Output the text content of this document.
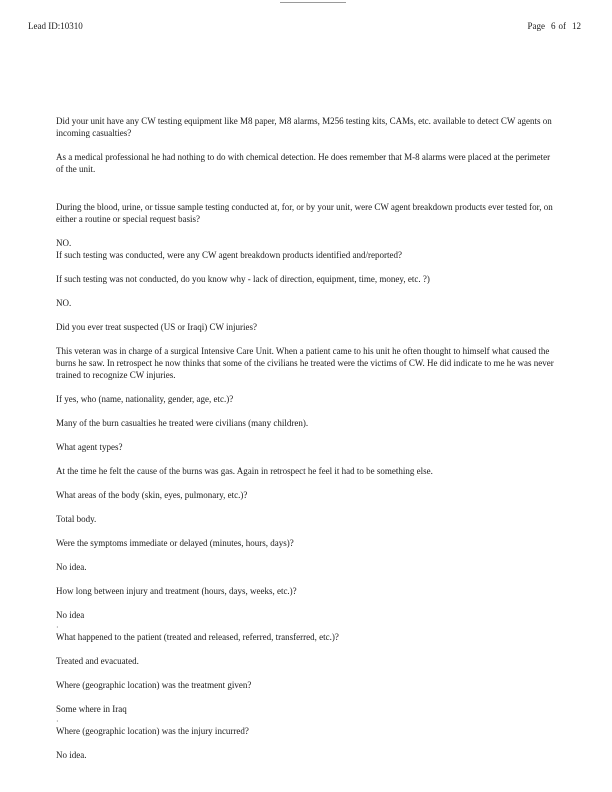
Lead ID:10310	Page 6 of 12

Did your unit have any CW testing equipment like M8 paper, M8 alarms, M256 testing kits, CAMs, etc. available to detect CW agents on incoming casualties?

As a medical professional he had nothing to do with chemical detection. He does remember that M-8 alarms were placed at the perimeter of the unit.

During the blood, urine, or tissue sample testing conducted at, for, or by your unit, were CW agent breakdown products ever tested for, on either a routine or special request basis?

NO.

If such testing was conducted, were any CW agent breakdown products identified and/reported?

If such testing was not conducted, do you know why - lack of direction, equipment, time, money, etc. ?)

NO.

Did you ever treat suspected (US or Iraqi) CW injuries?

This veteran was in charge of a surgical Intensive Care Unit. When a patient came to his unit he often thought to himself what caused the burns he saw. In retrospect he now thinks that some of the civilians he treated were the victims of CW. He did indicate to me he was never trained to recognize CW injuries.

If yes, who (name, nationality, gender, age, etc.)?

Many of the burn casualties he treated were civilians (many children).

What agent types?

At the time he felt the cause of the burns was gas. Again in retrospect he feel it had to be something else.

What areas of the body (skin, eyes, pulmonary, etc.)?

Total body.

Were the symptoms immediate or delayed (minutes, hours, days)?

No idea.

How long between injury and treatment (hours, days, weeks, etc.)?

No idea

·

What happened to the patient (treated and released, referred, transferred, etc.)?

Treated and evacuated.

Where (geographic location) was the treatment given?

Some where in Iraq

·

Where (geographic location) was the injury incurred?

No idea.
